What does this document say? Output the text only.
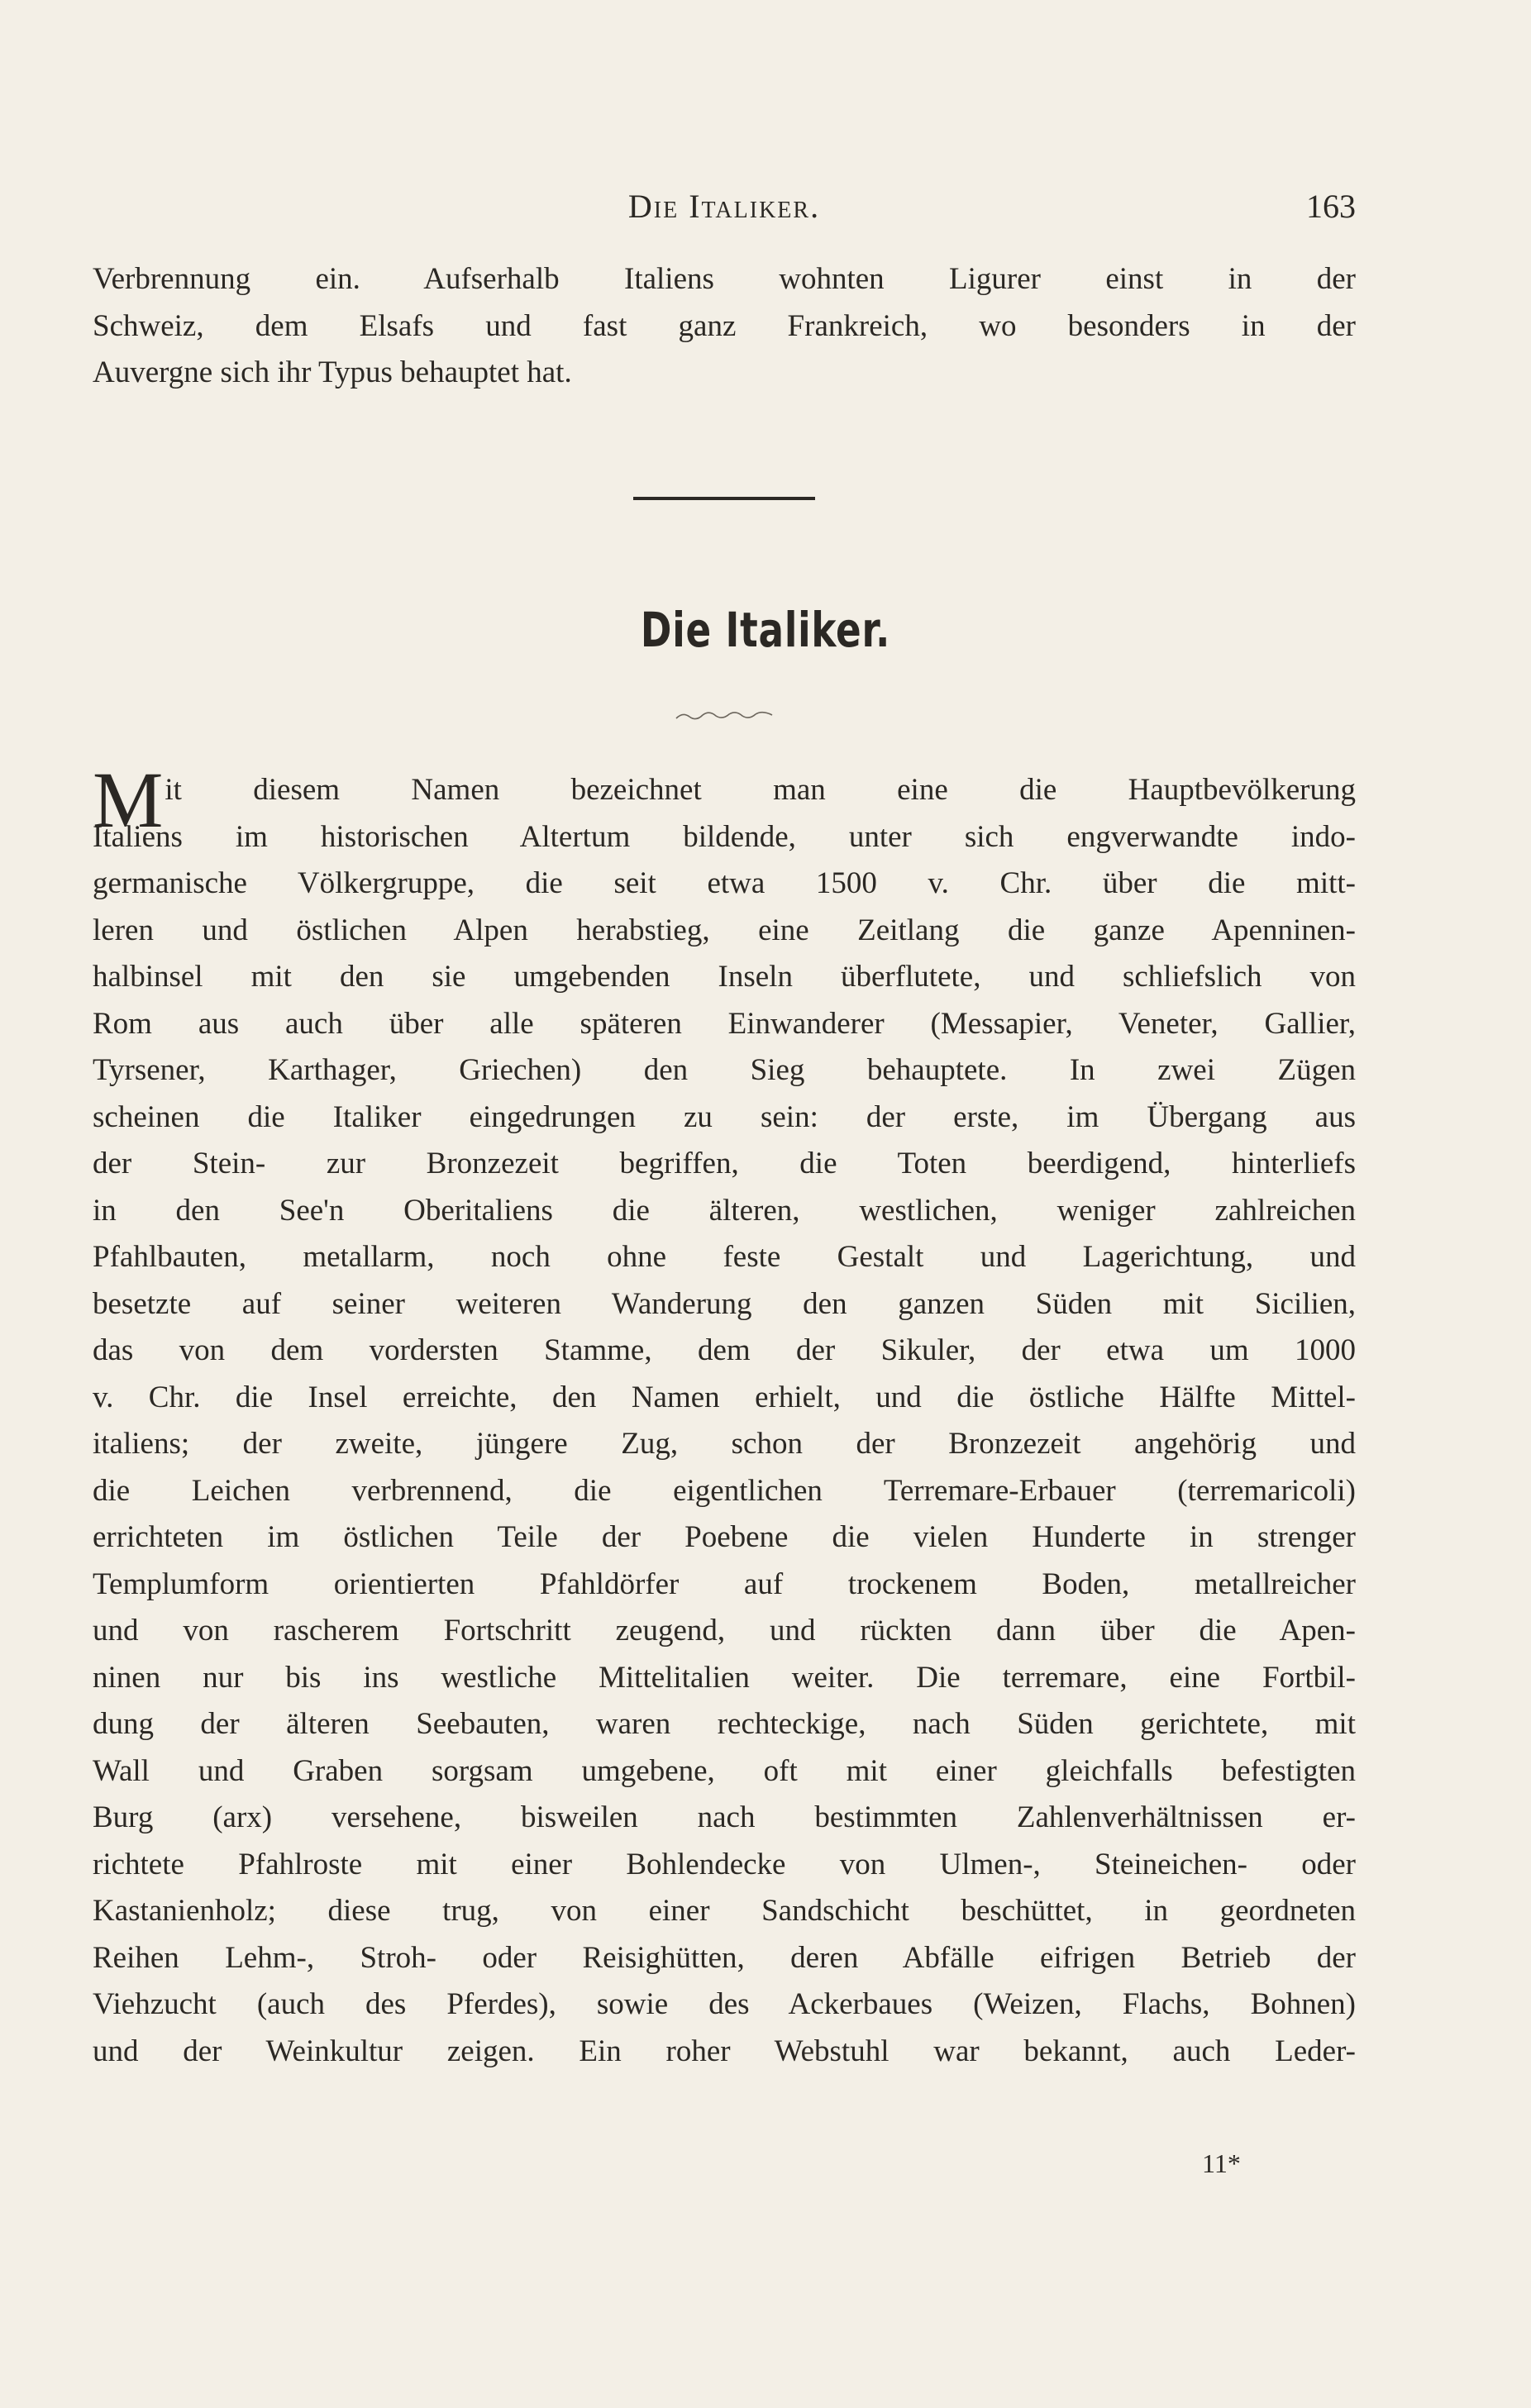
Die Italiker.	163
Verbrennung ein. Aufserhalb Italiens wohnten Ligurer einst in der
Schweiz, dem Elsafs und fast ganz Frankreich, wo besonders in der
Auvergne sich ihr Typus behauptet hat.
Die Italiker.
Mit diesem Namen bezeichnet man eine die Hauptbevölkerung
Italiens im historischen Altertum bildende, unter sich engverwandte indo-
germanische Völkergruppe, die seit etwa 1500 v. Chr. über die mitt-
leren und östlichen Alpen herabstieg, eine Zeitlang die ganze Apenninen-
halbinsel mit den sie umgebenden Inseln überflutete, und schliefslich von
Rom aus auch über alle späteren Einwanderer (Messapier, Veneter, Gallier,
Tyrsener, Karthager, Griechen) den Sieg behauptete. In zwei Zügen
scheinen die Italiker eingedrungen zu sein: der erste, im Übergang aus
der Stein- zur Bronzezeit begriffen, die Toten beerdigend, hinterliefs
in den See'n Oberitaliens die älteren, westlichen, weniger zahlreichen
Pfahlbauten, metallarm, noch ohne feste Gestalt und Lagerichtung, und
besetzte auf seiner weiteren Wanderung den ganzen Süden mit Sicilien,
das von dem vordersten Stamme, dem der Sikuler, der etwa um 1000
v. Chr. die Insel erreichte, den Namen erhielt, und die östliche Hälfte Mittel-
italiens; der zweite, jüngere Zug, schon der Bronzezeit angehörig und
die Leichen verbrennend, die eigentlichen Terremare-Erbauer (terremaricoli)
errichteten im östlichen Teile der Poebene die vielen Hunderte in strenger
Templumform orientierten Pfahldörfer auf trockenem Boden, metallreicher
und von rascherem Fortschritt zeugend, und rückten dann über die Apen-
ninen nur bis ins westliche Mittelitalien weiter. Die terremare, eine Fortbil-
dung der älteren Seebauten, waren rechteckige, nach Süden gerichtete, mit
Wall und Graben sorgsam umgebene, oft mit einer gleichfalls befestigten
Burg (arx) versehene, bisweilen nach bestimmten Zahlenverhältnissen er-
richtete Pfahlroste mit einer Bohlendecke von Ulmen-, Steineichen- oder
Kastanienholz; diese trug, von einer Sandschicht beschüttet, in geordneten
Reihen Lehm-, Stroh- oder Reisighütten, deren Abfälle eifrigen Betrieb der
Viehzucht (auch des Pferdes), sowie des Ackerbaues (Weizen, Flachs, Bohnen)
und der Weinkultur zeigen. Ein roher Webstuhl war bekannt, auch Leder-
11*
